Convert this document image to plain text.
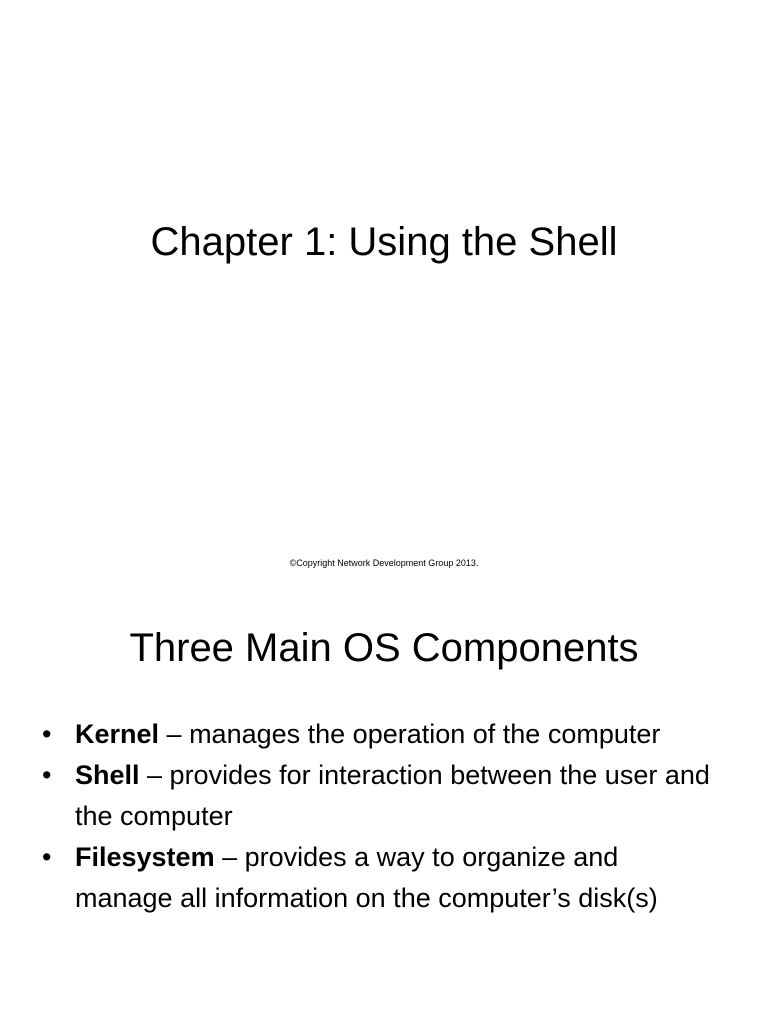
Chapter 1: Using the Shell
©Copyright Network Development Group 2013.
Three Main OS Components
• Kernel – manages the operation of the computer
• Shell – provides for interaction between the user and the computer
• Filesystem – provides a way to organize and manage all information on the computer’s disk(s)
